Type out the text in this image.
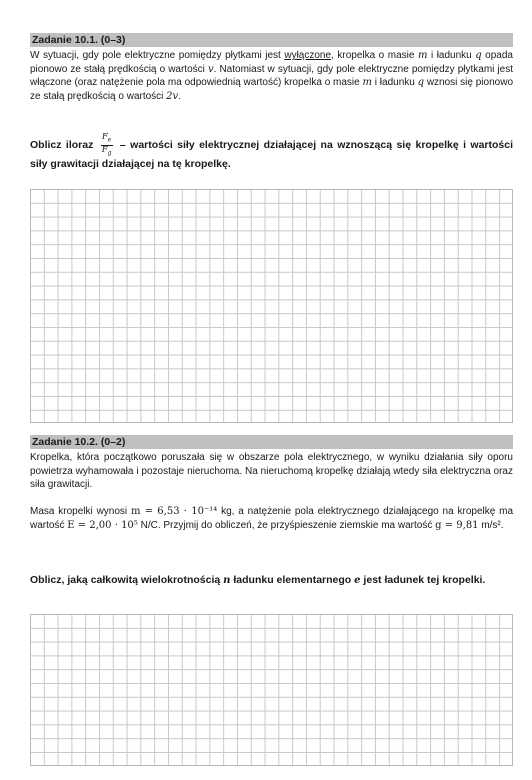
Zadanie 10.1. (0–3)

W sytuacji, gdy pole elektryczne pomiędzy płytkami jest wyłączone, kropelka o masie m i ładunku q opada pionowo ze stałą prędkością o wartości v. Natomiast w sytuacji, gdy pole elektryczne pomiędzy płytkami jest włączone (oraz natężenie pola ma odpowiednią wartość) kropelka o masie m i ładunku q wznosi się pionowo ze stałą prędkością o wartości 2v.

Oblicz iloraz $\frac{F_e}{F_g}$ – wartości siły elektrycznej działającej na wznoszącą się kropelkę i wartości siły grawitacji działającej na tę kropelkę.

Zadanie 10.2. (0–2)

Kropelka, która początkowo poruszała się w obszarze pola elektrycznego, w wyniku działania siły oporu powietrza wyhamowała i pozostaje nieruchoma. Na nieruchomą kropelkę działają wtedy siła elektryczna oraz siła grawitacji.

Masa kropelki wynosi m = 6,53 · 10⁻¹⁴ kg, a natężenie pola elektrycznego działającego na kropelkę ma wartość E = 2,00 · 10⁵ N/C. Przyjmij do obliczeń, że przyśpieszenie ziemskie ma wartość g = 9,81 m/s².

Oblicz, jaką całkowitą wielokrotnością n ładunku elementarnego e jest ładunek tej kropelki.
